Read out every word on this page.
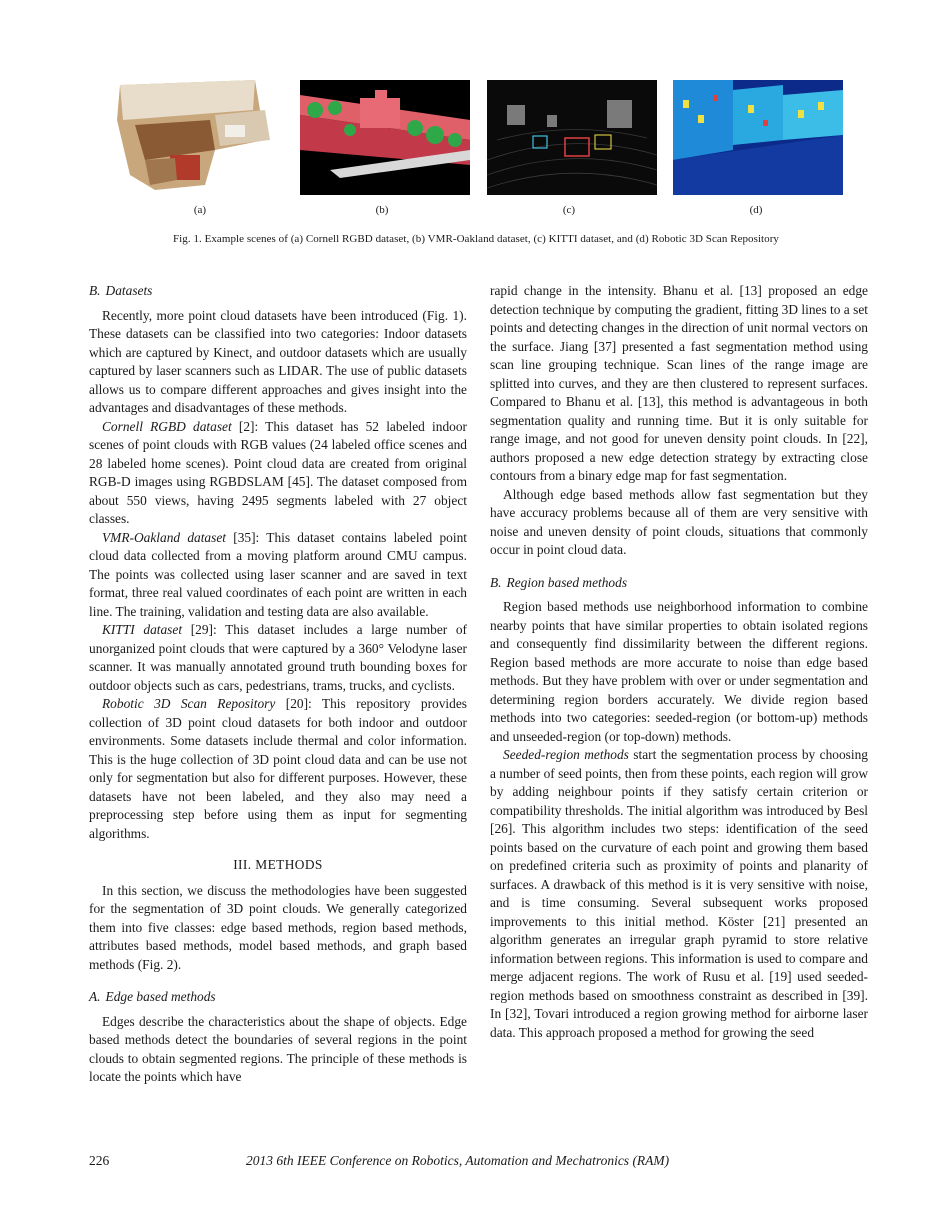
(a)	(b)	(c)	(d)
Fig. 1. Example scenes of (a) Cornell RGBD dataset, (b) VMR-Oakland dataset, (c) KITTI dataset, and (d) Robotic 3D Scan Repository
B. Datasets

Recently, more point cloud datasets have been introduced (Fig. 1). These datasets can be classified into two categories: Indoor datasets which are captured by Kinect, and outdoor datasets which are usually captured by laser scanners such as LIDAR. The use of public datasets allows us to compare different approaches and gives insight into the advantages and disadvantages of these methods.

Cornell RGBD dataset [2]: This dataset has 52 labeled indoor scenes of point clouds with RGB values (24 labeled office scenes and 28 labeled home scenes). Point cloud data are created from original RGB-D images using RGBDSLAM [45]. The dataset composed from about 550 views, having 2495 segments labeled with 27 object classes.

VMR-Oakland dataset [35]: This dataset contains labeled point cloud data collected from a moving platform around CMU campus. The points was collected using laser scanner and are saved in text format, three real valued coordinates of each point are written in each line. The training, validation and testing data are also available.

KITTI dataset [29]: This dataset includes a large number of unorganized point clouds that were captured by a 360° Velodyne laser scanner. It was manually annotated ground truth bounding boxes for outdoor objects such as cars, pedestrians, trams, trucks, and cyclists.

Robotic 3D Scan Repository [20]: This repository provides collection of 3D point cloud datasets for both indoor and outdoor environments. Some datasets include thermal and color information. This is the huge collection of 3D point cloud data and can be use not only for segmentation but also for different purposes. However, these datasets have not been labeled, and they also may need a preprocessing step before using them as input for segmenting algorithms.

III. METHODS

In this section, we discuss the methodologies have been suggested for the segmentation of 3D point clouds. We generally categorized them into five classes: edge based methods, region based methods, attributes based methods, model based methods, and graph based methods (Fig. 2).

A. Edge based methods

Edges describe the characteristics about the shape of objects. Edge based methods detect the boundaries of several regions in the point clouds to obtain segmented regions. The principle of these methods is locate the points which have

rapid change in the intensity. Bhanu et al. [13] proposed an edge detection technique by computing the gradient, fitting 3D lines to a set points and detecting changes in the direction of unit normal vectors on the surface. Jiang [37] presented a fast segmentation method using scan line grouping technique. Scan lines of the range image are splitted into curves, and they are then clustered to represent surfaces. Compared to Bhanu et al. [13], this method is advantageous in both segmentation quality and running time. But it is only suitable for range image, and not good for uneven density point clouds. In [22], authors proposed a new edge detection strategy by extracting close contours from a binary edge map for fast segmentation.

Although edge based methods allow fast segmentation but they have accuracy problems because all of them are very sensitive with noise and uneven density of point clouds, situations that commonly occur in point cloud data.

B. Region based methods

Region based methods use neighborhood information to combine nearby points that have similar properties to obtain isolated regions and consequently find dissimilarity between the different regions. Region based methods are more accurate to noise than edge based methods. But they have problem with over or under segmentation and determining region borders accurately. We divide region based methods into two categories: seeded-region (or bottom-up) methods and unseeded-region (or top-down) methods.

Seeded-region methods start the segmentation process by choosing a number of seed points, then from these points, each region will grow by adding neighbour points if they satisfy certain criterion or compatibility thresholds. The initial algorithm was introduced by Besl [26]. This algorithm includes two steps: identification of the seed points based on the curvature of each point and growing them based on predefined criteria such as proximity of points and planarity of surfaces. A drawback of this method is it is very sensitive with noise, and is time consuming. Several subsequent works proposed improvements to this initial method. Köster [21] presented an algorithm generates an irregular graph pyramid to store relative information between regions. This information is used to compare and merge adjacent regions. The work of Rusu et al. [19] used seeded-region methods based on smoothness constraint as described in [39]. In [32], Tovari introduced a region growing method for airborne laser data. This approach proposed a method for growing the seed

226	2013 6th IEEE Conference on Robotics, Automation and Mechatronics (RAM)
